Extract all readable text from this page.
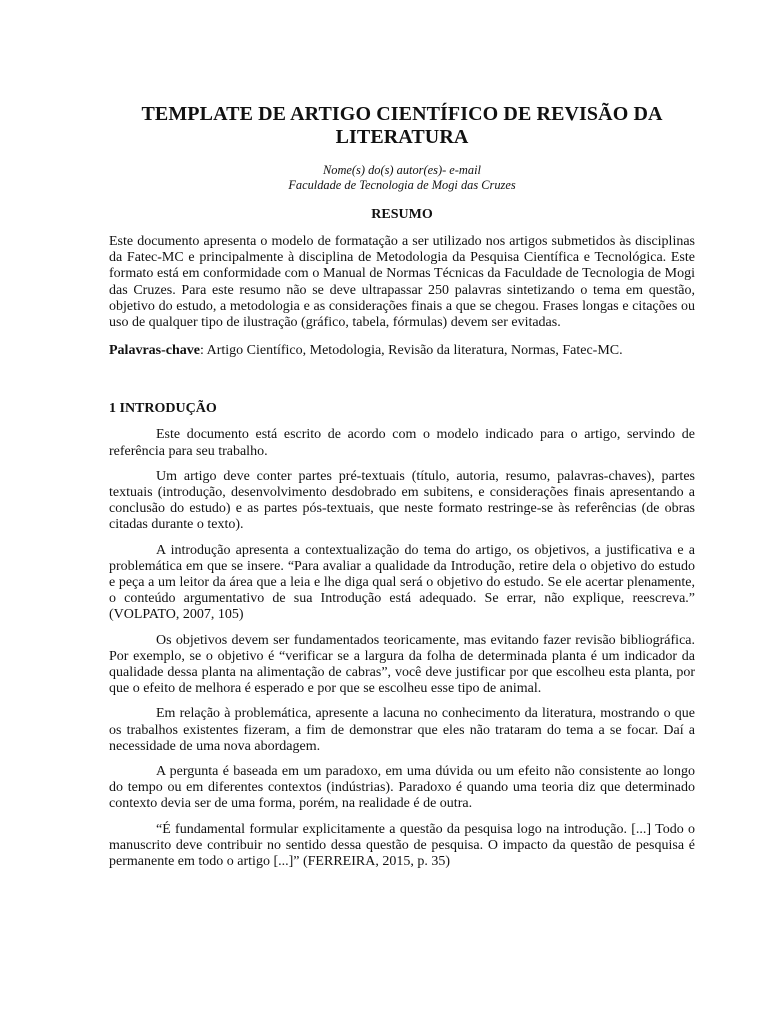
TEMPLATE DE ARTIGO CIENTÍFICO DE REVISÃO DA
LITERATURA
Nome(s) do(s) autor(es)- e-mail
Faculdade de Tecnologia de Mogi das Cruzes
RESUMO

Este documento apresenta o modelo de formatação a ser utilizado nos artigos submetidos às disciplinas da Fatec-MC e principalmente à disciplina de Metodologia da Pesquisa Científica e Tecnológica. Este formato está em conformidade com o Manual de Normas Técnicas da Faculdade de Tecnologia de Mogi das Cruzes. Para este resumo não se deve ultrapassar 250 palavras sintetizando o tema em questão, objetivo do estudo, a metodologia e as considerações finais a que se chegou. Frases longas e citações ou uso de qualquer tipo de ilustração (gráfico, tabela, fórmulas) devem ser evitadas.

Palavras-chave: Artigo Científico, Metodologia, Revisão da literatura, Normas, Fatec-MC.

1 INTRODUÇÃO

Este documento está escrito de acordo com o modelo indicado para o artigo, servindo de referência para seu trabalho.

Um artigo deve conter partes pré-textuais (título, autoria, resumo, palavras-chaves), partes textuais (introdução, desenvolvimento desdobrado em subitens, e considerações finais apresentando a conclusão do estudo) e as partes pós-textuais, que neste formato restringe-se às referências (de obras citadas durante o texto).

A introdução apresenta a contextualização do tema do artigo, os objetivos, a justificativa e a problemática em que se insere. “Para avaliar a qualidade da Introdução, retire dela o objetivo do estudo e peça a um leitor da área que a leia e lhe diga qual será o objetivo do estudo. Se ele acertar plenamente, o conteúdo argumentativo de sua Introdução está adequado. Se errar, não explique, reescreva.” (VOLPATO, 2007, 105)

Os objetivos devem ser fundamentados teoricamente, mas evitando fazer revisão bibliográfica. Por exemplo, se o objetivo é “verificar se a largura da folha de determinada planta é um indicador da qualidade dessa planta na alimentação de cabras”, você deve justificar por que escolheu esta planta, por que o efeito de melhora é esperado e por que se escolheu esse tipo de animal.

Em relação à problemática, apresente a lacuna no conhecimento da literatura, mostrando o que os trabalhos existentes fizeram, a fim de demonstrar que eles não trataram do tema a se focar. Daí a necessidade de uma nova abordagem.

A pergunta é baseada em um paradoxo, em uma dúvida ou um efeito não consistente ao longo do tempo ou em diferentes contextos (indústrias). Paradoxo é quando uma teoria diz que determinado contexto devia ser de uma forma, porém, na realidade é de outra.

“É fundamental formular explicitamente a questão da pesquisa logo na introdução. [...] Todo o manuscrito deve contribuir no sentido dessa questão de pesquisa. O impacto da questão de pesquisa é permanente em todo o artigo [...]” (FERREIRA, 2015, p. 35)
